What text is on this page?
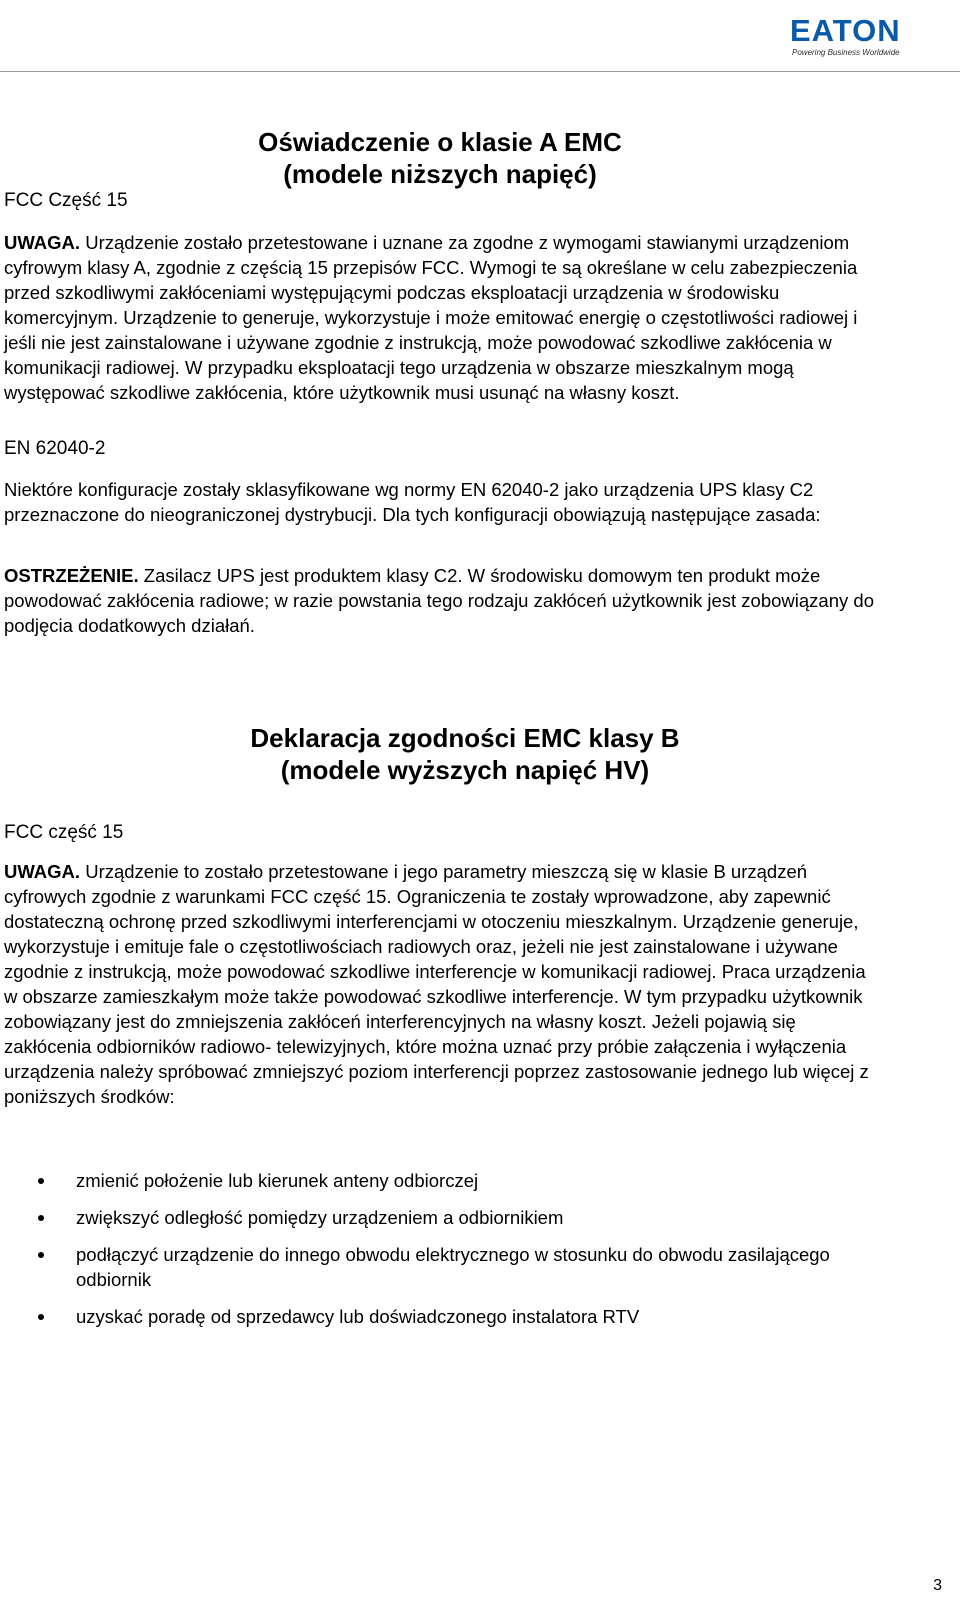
EATON
Powering Business Worldwide
Oświadczenie o klasie A EMC
(modele niższych napięć)

FCC Część 15

UWAGA. Urządzenie zostało przetestowane i uznane za zgodne z wymogami stawianymi urządzeniom cyfrowym klasy A, zgodnie z częścią 15 przepisów FCC. Wymogi te są określane w celu zabezpieczenia przed szkodliwymi zakłóceniami występującymi podczas eksploatacji urządzenia w środowisku komercyjnym. Urządzenie to generuje, wykorzystuje i może emitować energię o częstotliwości radiowej i jeśli nie jest zainstalowane i używane zgodnie z instrukcją, może powodować szkodliwe zakłócenia w komunikacji radiowej. W przypadku eksploatacji tego urządzenia w obszarze mieszkalnym mogą występować szkodliwe zakłócenia, które użytkownik musi usunąć na własny koszt.

EN 62040-2

Niektóre konfiguracje zostały sklasyfikowane wg normy EN 62040-2 jako urządzenia UPS klasy C2 przeznaczone do nieograniczonej dystrybucji. Dla tych konfiguracji obowiązują następujące zasada:

OSTRZEŻENIE. Zasilacz UPS jest produktem klasy C2. W środowisku domowym ten produkt może powodować zakłócenia radiowe; w razie powstania tego rodzaju zakłóceń użytkownik jest zobowiązany do podjęcia dodatkowych działań.

Deklaracja zgodności EMC klasy B
(modele wyższych napięć HV)

FCC część 15

UWAGA. Urządzenie to zostało przetestowane i jego parametry mieszczą się w klasie B urządzeń cyfrowych zgodnie z warunkami FCC część 15. Ograniczenia te zostały wprowadzone, aby zapewnić dostateczną ochronę przed szkodliwymi interferencjami w otoczeniu mieszkalnym. Urządzenie generuje, wykorzystuje i emituje fale o częstotliwościach radiowych oraz, jeżeli nie jest zainstalowane i używane zgodnie z instrukcją, może powodować szkodliwe interferencje w komunikacji radiowej. Praca urządzenia w obszarze zamieszkałym może także powodować szkodliwe interferencje. W tym przypadku użytkownik zobowiązany jest do zmniejszenia zakłóceń interferencyjnych na własny koszt. Jeżeli pojawią się zakłócenia odbiorników radiowo- telewizyjnych, które można uznać przy próbie załączenia i wyłączenia urządzenia należy spróbować zmniejszyć poziom interferencji poprzez zastosowanie jednego lub więcej z poniższych środków:

zmienić położenie lub kierunek anteny odbiorczej
zwiększyć odległość pomiędzy urządzeniem a odbiornikiem
podłączyć urządzenie do innego obwodu elektrycznego w stosunku do obwodu zasilającego odbiornik
uzyskać poradę od sprzedawcy lub doświadczonego instalatora RTV
3
